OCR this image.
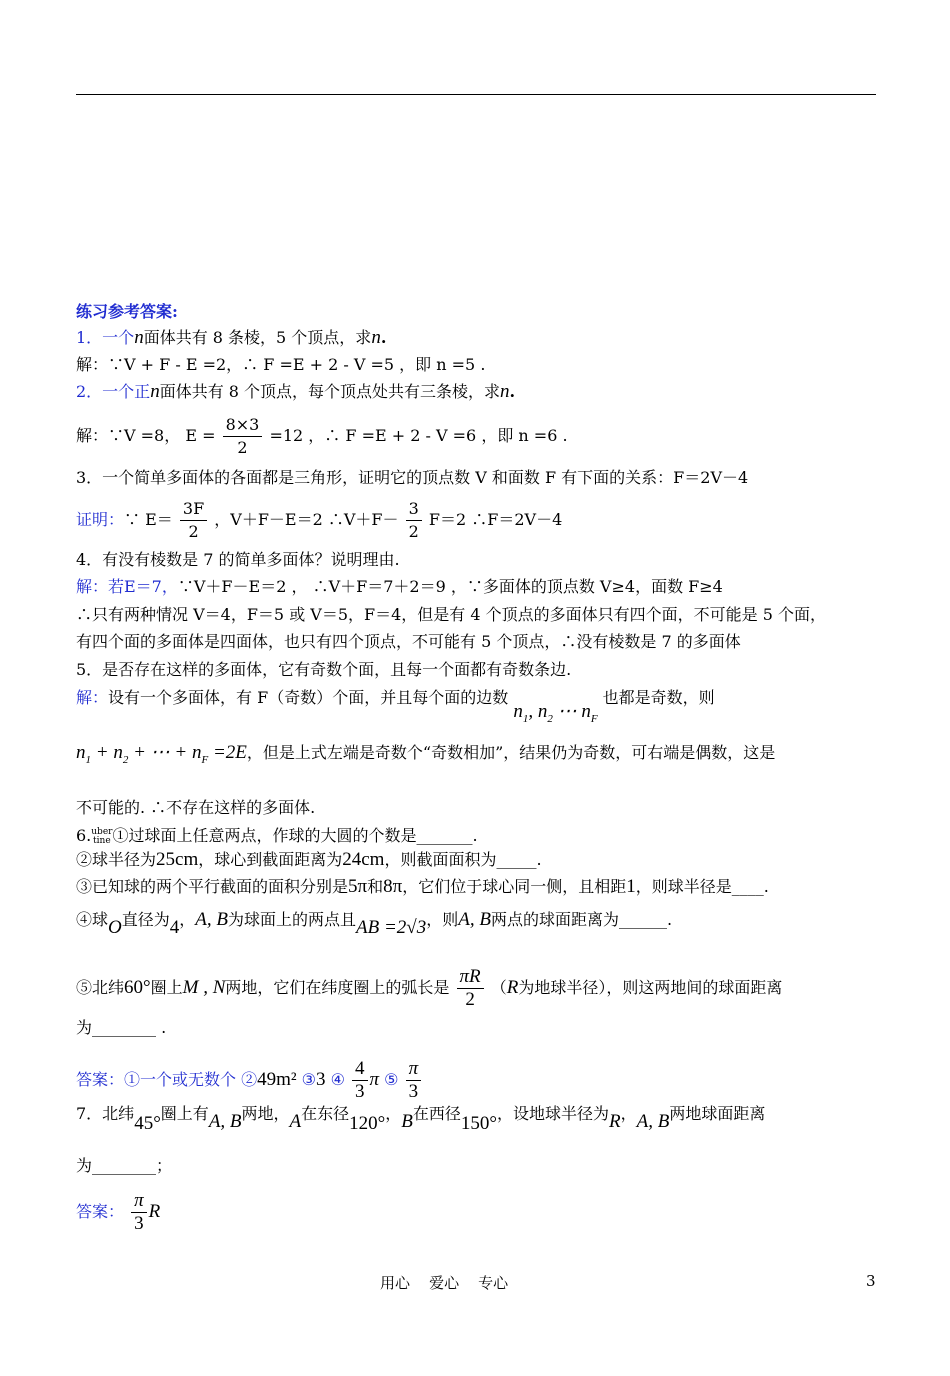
练习参考答案:
1．一个n面体共有 8 条棱，5 个顶点，求n.
解：∵V + F - E =2，∴ F =E + 2 - V =5 ，即 n =5 .
2．一个正n面体共有 8 个顶点，每个顶点处共有三条棱，求n.
解：∵V =8， $E = \frac{8\times 3}{2} =12$ ，∴ F =E + 2 - V =6 ，即 n =6 .
3．一个简单多面体的各面都是三角形，证明它的顶点数 V 和面数 F 有下面的关系：F＝2V－4
证明：∵ $E= \frac{3F}{2}$ ，V＋F－E＝2 ∴V＋F－ $\frac{3}{2} F=2$ ∴F＝2V－4
4．有没有棱数是 7 的简单多面体？说明理由.
解：若E＝7，∵V＋F－E＝2 ， ∴V＋F＝7＋2＝9 ，∵多面体的顶点数 V≥4，面数 F≥4
∴只有两种情况 V＝4，F＝5 或 V＝5，F＝4，但是有 4 个顶点的多面体只有四个面，不可能是 5 个面，
有四个面的多面体是四面体，也只有四个顶点，不可能有 5 个顶点，∴没有棱数是 7 的多面体
5．是否存在这样的多面体，它有奇数个面，且每一个面都有奇数条边.
解：设有一个多面体，有 F（奇数）个面，并且每个面的边数 $n_1$, $n_2$ ⋯ $n_F$ 也都是奇数，则
$n_1 + n_2$ + ⋯ + $n_F =2E$，但是上式左端是奇数个“奇数相加”，结果仍为奇数，可右端是偶数，这是
不可能的. ∴不存在这样的多面体.
6.uber
tine ①过球面上任意两点，作球的大圆的个数是_______.
②球半径为25cm，球心到截面距离为24cm，则截面面积为_____.
③已知球的两个平行截面的面积分别是5π和8π，它们位于球心同一侧，且相距1，则球半径是____.
④球O直径为4，A, B为球面上的两点且AB =2√3，则A, B两点的球面距离为______.
⑤北纬60°圈上M , N两地，它们在纬度圈上的弧长是 $\frac{\pi R}{2} (R$为地球半径），则这两地间的球面距离
为________ .
答案：①一个或无数个 ②49m² ③3 ④ $\frac{4}{3}$ π ⑤ $\frac{\pi}{3}$
7．北纬45°圈上有A, B两地，A在东径120°，B在西径150°，设地球半径为R，A, B两地球面距离
为________；
答案： $\frac{\pi}{3}$ R
用心    爱心    专心	3
